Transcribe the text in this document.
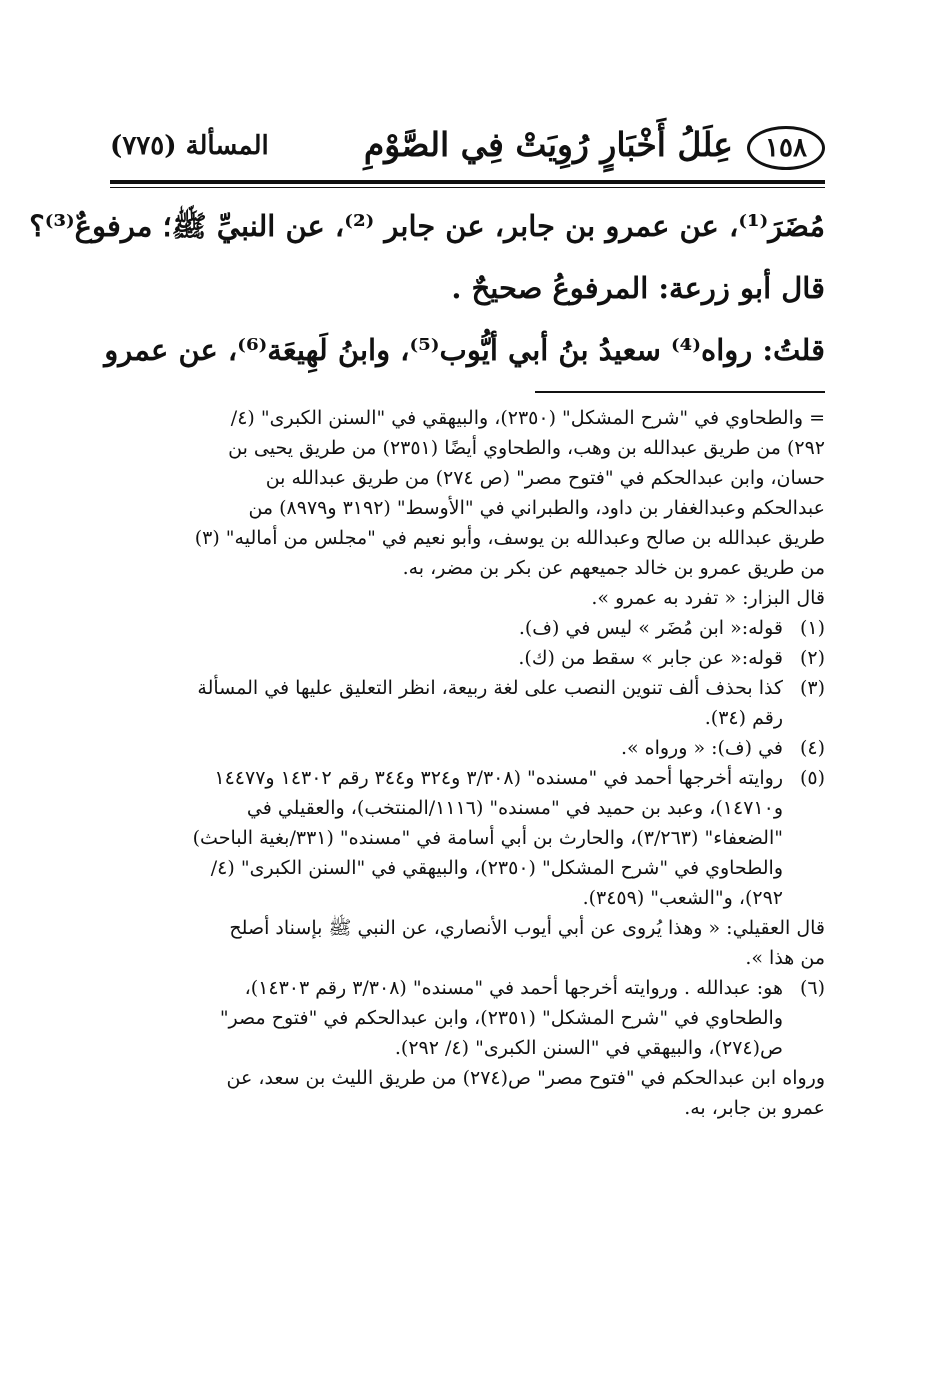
١٥٨
عِلَلُ أَخْبَارٍ رُوِيَتْ فِي الصَّوْمِ
المسألة (٧٧٥)
مُضَرَ⁽¹⁾، عن عمرو بن جابر، عن جابر ⁽²⁾، عن النبيِّ ﷺ؛ مرفوعٌ⁽³⁾؟
قال أبو زرعة: المرفوعُ صحيحٌ .
قلتُ: رواه⁽⁴⁾ سعيدُ بنُ أبي أيُّوب⁽⁵⁾، وابنُ لَهِيعَة⁽⁶⁾، عن عمرو
= والطحاوي في "شرح المشكل" (٢٣٥٠)، والبيهقي في "السنن الكبرى" (٤/
٢٩٢) من طريق عبدالله بن وهب، والطحاوي أيضًا (٢٣٥١) من طريق يحيى بن
حسان، وابن عبدالحكم في "فتوح مصر" (ص ٢٧٤) من طريق عبدالله بن
عبدالحكم وعبدالغفار بن داود، والطبراني في "الأوسط" (٣١٩٢ و٨٩٧٩) من
طريق عبدالله بن صالح وعبدالله بن يوسف، وأبو نعيم في "مجلس من أماليه" (٣)
من طريق عمرو بن خالد جميعهم عن بكر بن مضر، به.
قال البزار: « تفرد به عمرو ».
(١)
قوله:« ابن مُضَر » ليس في (ف).
(٢)
قوله:« عن جابر » سقط من (ك).
(٣)
كذا بحذف ألف تنوين النصب على لغة ربيعة، انظر التعليق عليها في المسألة
رقم (٣٤).
(٤)
في (ف): « ورواه ».
(٥)
روايته أخرجها أحمد في "مسنده" (٣/٣٠٨ و٣٢٤ و٣٤٤ رقم ١٤٣٠٢ و١٤٤٧٧
و١٤٧١٠)، وعبد بن حميد في "مسنده" (١١١٦/المنتخب)، والعقيلي في
"الضعفاء" (٣/٢٦٣)، والحارث بن أبي أسامة في "مسنده" (٣٣١/بغية الباحث)
والطحاوي في "شرح المشكل" (٢٣٥٠)، والبيهقي في "السنن الكبرى" (٤/
٢٩٢)، و"الشعب" (٣٤٥٩).
قال العقيلي: « وهذا يُروى عن أبي أيوب الأنصاري، عن النبي ﷺ بإسناد أصلح
من هذا ».
(٦)
هو: عبدالله . وروايته أخرجها أحمد في "مسنده" (٣/٣٠٨ رقم ١٤٣٠٣)،
والطحاوي في "شرح المشكل" (٢٣٥١)، وابن عبدالحكم في "فتوح مصر"
ص(٢٧٤)، والبيهقي في "السنن الكبرى" (٤/ ٢٩٢).
ورواه ابن عبدالحكم في "فتوح مصر" ص(٢٧٤) من طريق الليث بن سعد، عن
عمرو بن جابر، به.
